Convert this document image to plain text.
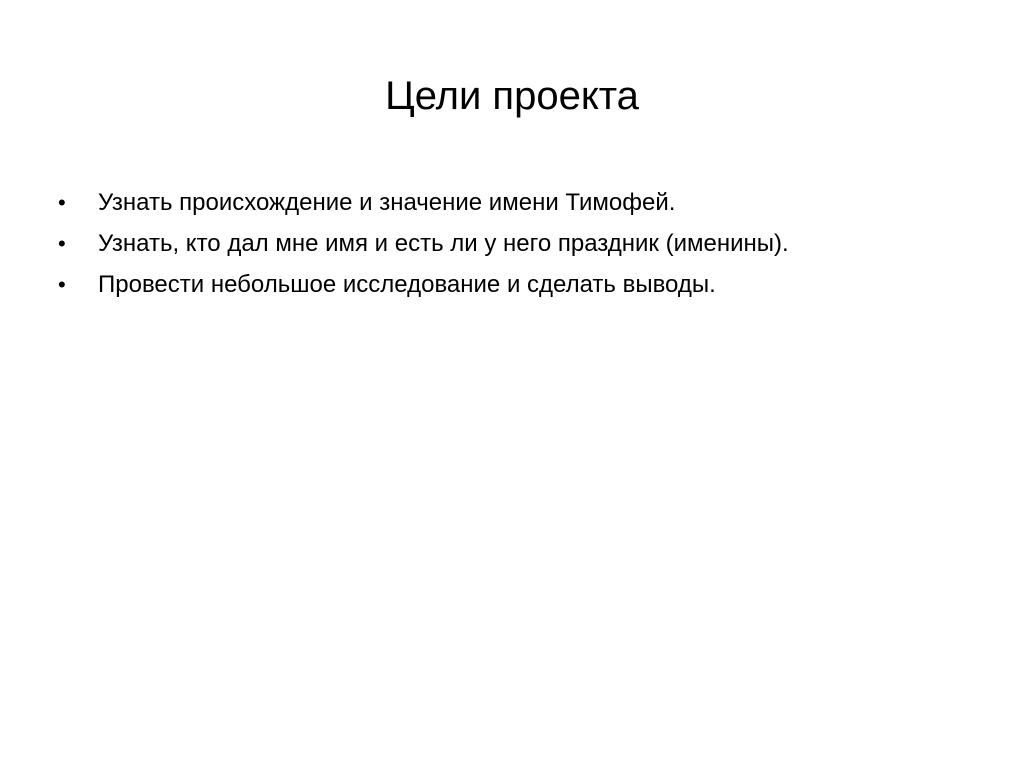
Цели проекта
• Узнать происхождение и значение имени Тимофей.
• Узнать, кто дал мне имя и есть ли у него праздник (именины).
• Провести небольшое исследование и сделать выводы.
